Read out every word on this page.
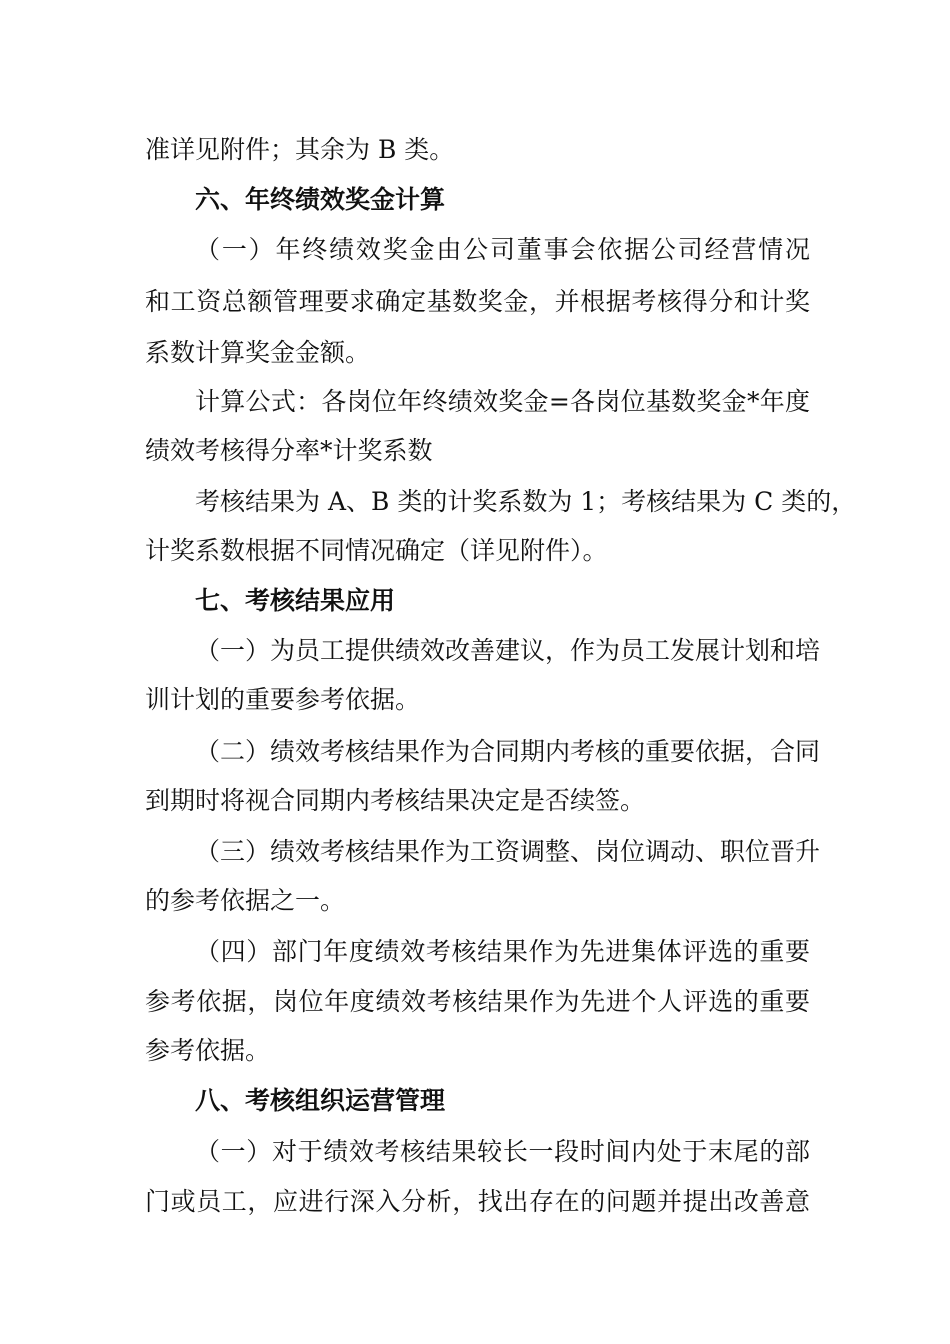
准详见附件；其余为 B 类。
六、年终绩效奖金计算
（一）年终绩效奖金由公司董事会依据公司经营情况
和工资总额管理要求确定基数奖金，并根据考核得分和计奖
系数计算奖金金额。
计算公式：各岗位年终绩效奖金=各岗位基数奖金*年度
绩效考核得分率*计奖系数
考核结果为 A、B 类的计奖系数为 1；考核结果为 C 类的，
计奖系数根据不同情况确定（详见附件）。
七、考核结果应用
（一）为员工提供绩效改善建议，作为员工发展计划和培
训计划的重要参考依据。
（二）绩效考核结果作为合同期内考核的重要依据，合同
到期时将视合同期内考核结果决定是否续签。
（三）绩效考核结果作为工资调整、岗位调动、职位晋升
的参考依据之一。
（四）部门年度绩效考核结果作为先进集体评选的重要
参考依据，岗位年度绩效考核结果作为先进个人评选的重要
参考依据。
八、考核组织运营管理
（一）对于绩效考核结果较长一段时间内处于末尾的部
门或员工，应进行深入分析，找出存在的问题并提出改善意
